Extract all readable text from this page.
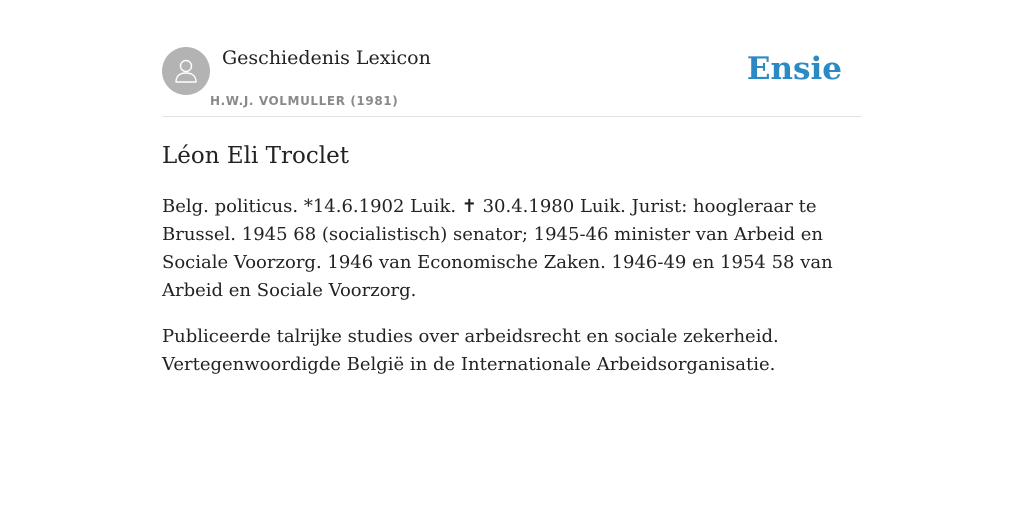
Geschiedenis Lexicon
H.W.J. VOLMULLER (1981)
Ensie
Léon Eli Troclet

Belg. politicus. *14.6.1902 Luik. ✝ 30.4.1980 Luik. Jurist: hoogleraar te Brussel. 1945 68 (socialistisch) senator; 1945-46 minister van Arbeid en Sociale Voorzorg. 1946 van Economische Zaken. 1946-49 en 1954 58 van Arbeid en Sociale Voorzorg.

Publiceerde talrijke studies over arbeidsrecht en sociale zekerheid. Vertegenwoordigde België in de Internationale Arbeidsorganisatie.
